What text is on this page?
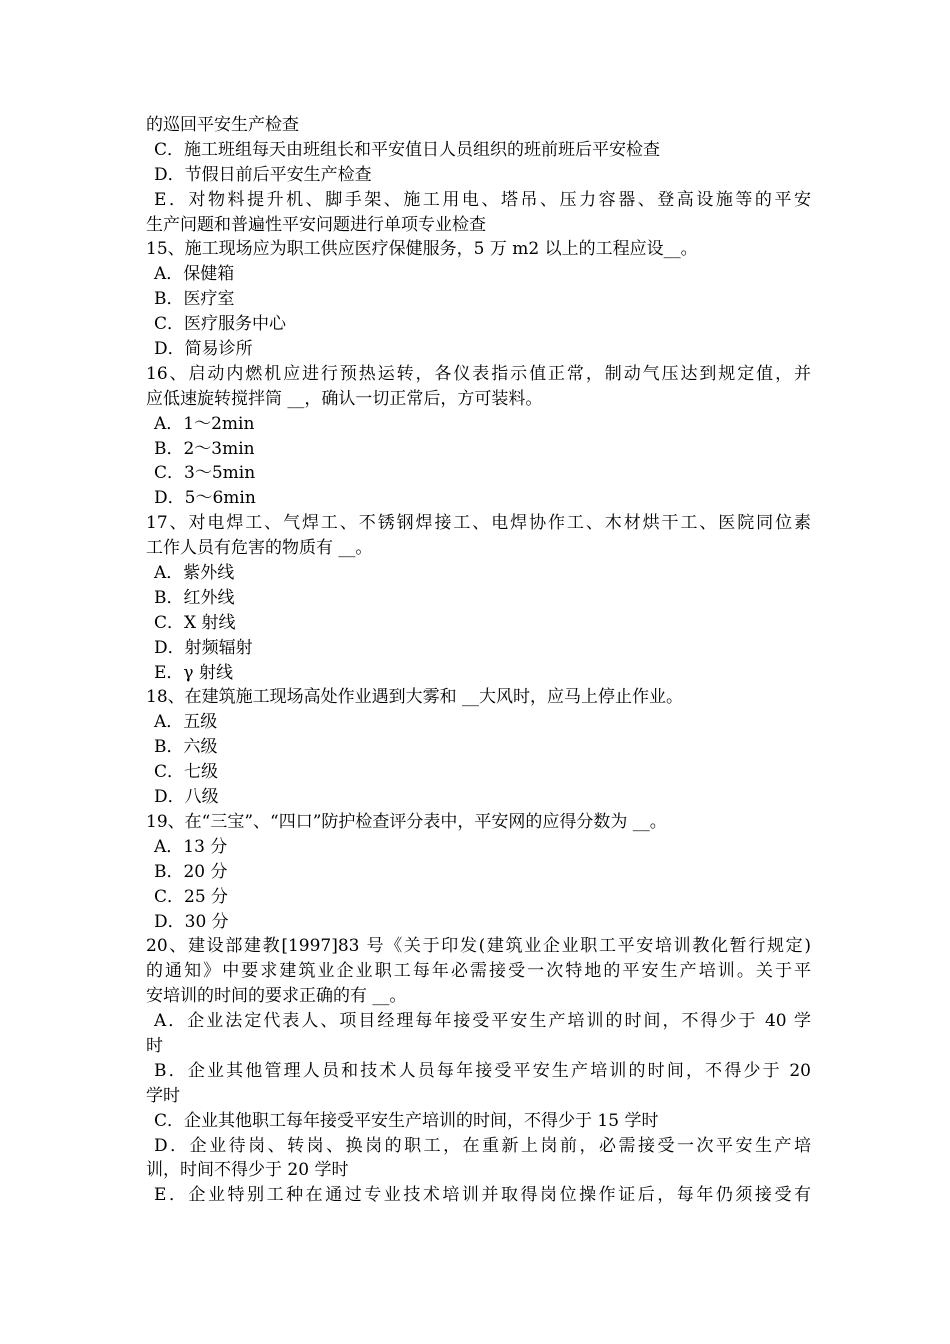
的巡回平安生产检查
C．施工班组每天由班组长和平安值日人员组织的班前班后平安检查
D．节假日前后平安生产检查
E．对物料提升机、脚手架、施工用电、塔吊、压力容器、登高设施等的平安
生产问题和普遍性平安问题进行单项专业检查
15、施工现场应为职工供应医疗保健服务，5 万 m2 以上的工程应设__。
A．保健箱
B．医疗室
C．医疗服务中心
D．简易诊所
16、启动内燃机应进行预热运转，各仪表指示值正常，制动气压达到规定值，并
应低速旋转搅拌筒 __，确认一切正常后，方可装料。
A．1～2min
B．2～3min
C．3～5min
D．5～6min
17、对电焊工、气焊工、不锈钢焊接工、电焊协作工、木材烘干工、医院同位素
工作人员有危害的物质有 __。
A．紫外线
B．红外线
C．X 射线
D．射频辐射
E．γ 射线
18、在建筑施工现场高处作业遇到大雾和 __大风时，应马上停止作业。
A．五级
B．六级
C．七级
D．八级
19、在“三宝”、“四口”防护检查评分表中，平安网的应得分数为 __。
A．13 分
B．20 分
C．25 分
D．30 分
20、建设部建教[1997]83 号《关于印发(建筑业企业职工平安培训教化暂行规定)
的通知》中要求建筑业企业职工每年必需接受一次特地的平安生产培训。关于平
安培训的时间的要求正确的有 __。
A．企业法定代表人、项目经理每年接受平安生产培训的时间，不得少于 40 学
时
B．企业其他管理人员和技术人员每年接受平安生产培训的时间，不得少于 20
学时
C．企业其他职工每年接受平安生产培训的时间，不得少于 15 学时
D．企业待岗、转岗、换岗的职工，在重新上岗前，必需接受一次平安生产培
训，时间不得少于 20 学时
E．企业特别工种在通过专业技术培训并取得岗位操作证后，每年仍须接受有
